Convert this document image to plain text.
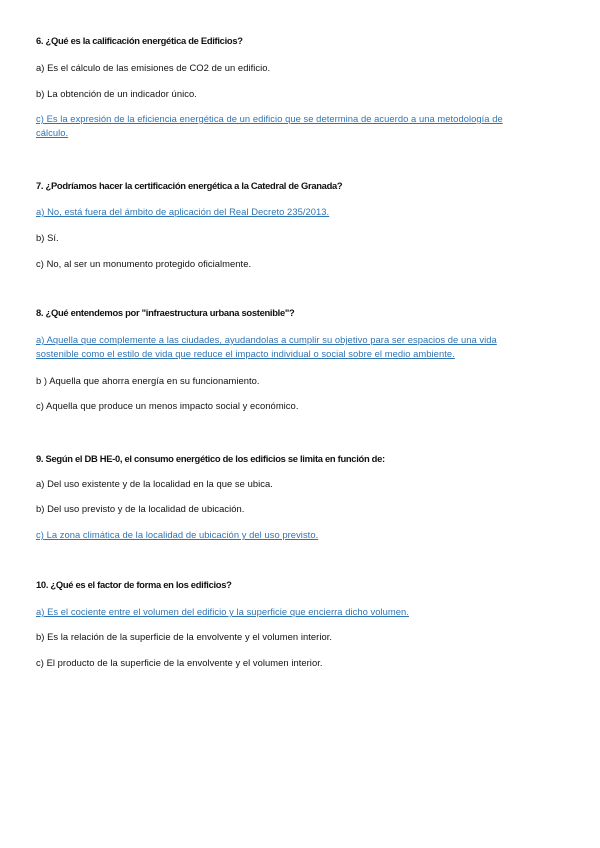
6. ¿Qué es la calificación energética de Edificios?
a) Es el cálculo de las emisiones de CO2 de un edificio.
b) La obtención de un indicador único.
c) Es la expresión de la eficiencia energética de un edificio que se determina de acuerdo a una metodología de cálculo.
7. ¿Podríamos hacer la certificación energética a la Catedral de Granada?
a) No, está fuera del ámbito de aplicación del Real Decreto 235/2013.
b) Sí.
c) No, al ser un monumento protegido oficialmente.
8. ¿Qué entendemos por "infraestructura urbana sostenible"?
a) Aquella que complemente a las ciudades, ayudandolas a cumplir su objetivo para ser espacios de una vida sostenible como el estilo de vida que reduce el impacto individual o social sobre el medio ambiente.
b ) Aquella que ahorra energía en su funcionamiento.
c) Aquella que produce un menos impacto social y económico.
9. Según el DB HE-0, el consumo energético de los edificios se limita en función de:
a) Del uso existente y de la localidad en la que se ubica.
b) Del uso previsto y de la localidad de ubicación.
c) La zona climática de la localidad de ubicación y del uso previsto.
10. ¿Qué es el factor de forma en los edificios?
a) Es el cociente entre el volumen del edificio y la superficie que encierra dicho volumen.
b) Es la relación de la superficie de la envolvente y el volumen interior.
c) El producto de la superficie de la envolvente y el volumen interior.
